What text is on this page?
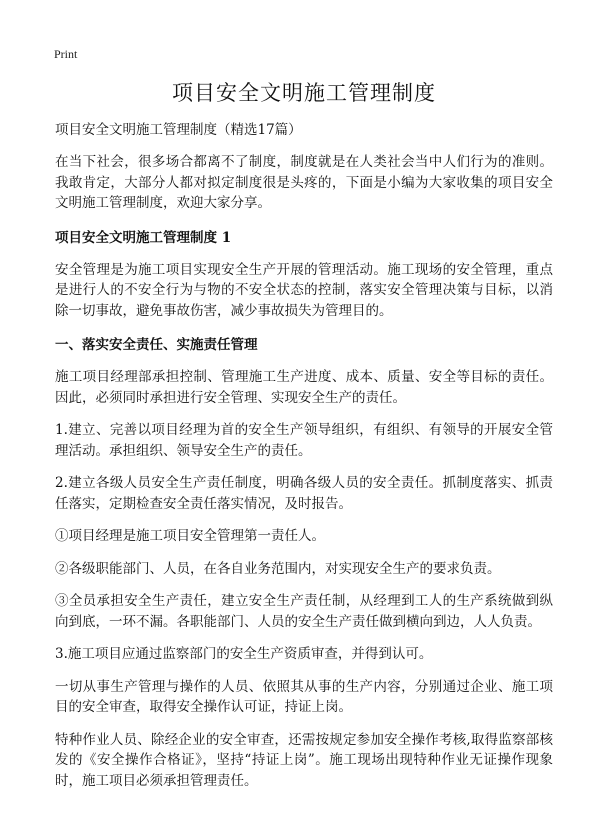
Print
项目安全文明施工管理制度

项目安全文明施工管理制度（精选17篇）

在当下社会，很多场合都离不了制度，制度就是在人类社会当中人们行为的准则。我敢肯定，大部分人都对拟定制度很是头疼的，下面是小编为大家收集的项目安全文明施工管理制度，欢迎大家分享。

项目安全文明施工管理制度 1

安全管理是为施工项目实现安全生产开展的管理活动。施工现场的安全管理，重点是进行人的不安全行为与物的不安全状态的控制，落实安全管理决策与目标，以消除一切事故，避免事故伤害，减少事故损失为管理目的。

一、落实安全责任、实施责任管理

施工项目经理部承担控制、管理施工生产进度、成本、质量、安全等目标的责任。因此，必须同时承担进行安全管理、实现安全生产的责任。

1.建立、完善以项目经理为首的安全生产领导组织，有组织、有领导的开展安全管理活动。承担组织、领导安全生产的责任。

2.建立各级人员安全生产责任制度，明确各级人员的安全责任。抓制度落实、抓责任落实，定期检查安全责任落实情况，及时报告。

①项目经理是施工项目安全管理第一责任人。

②各级职能部门、人员，在各自业务范围内，对实现安全生产的要求负责。

③全员承担安全生产责任，建立安全生产责任制，从经理到工人的生产系统做到纵向到底，一环不漏。各职能部门、人员的安全生产责任做到横向到边，人人负责。

3.施工项目应通过监察部门的安全生产资质审查，并得到认可。

一切从事生产管理与操作的人员、依照其从事的生产内容，分别通过企业、施工项目的安全审查，取得安全操作认可证，持证上岗。

特种作业人员、除经企业的安全审查，还需按规定参加安全操作考核,取得监察部核发的《安全操作合格证》，坚持“持证上岗”。施工现场出现特种作业无证操作现象时，施工项目必须承担管理责任。
